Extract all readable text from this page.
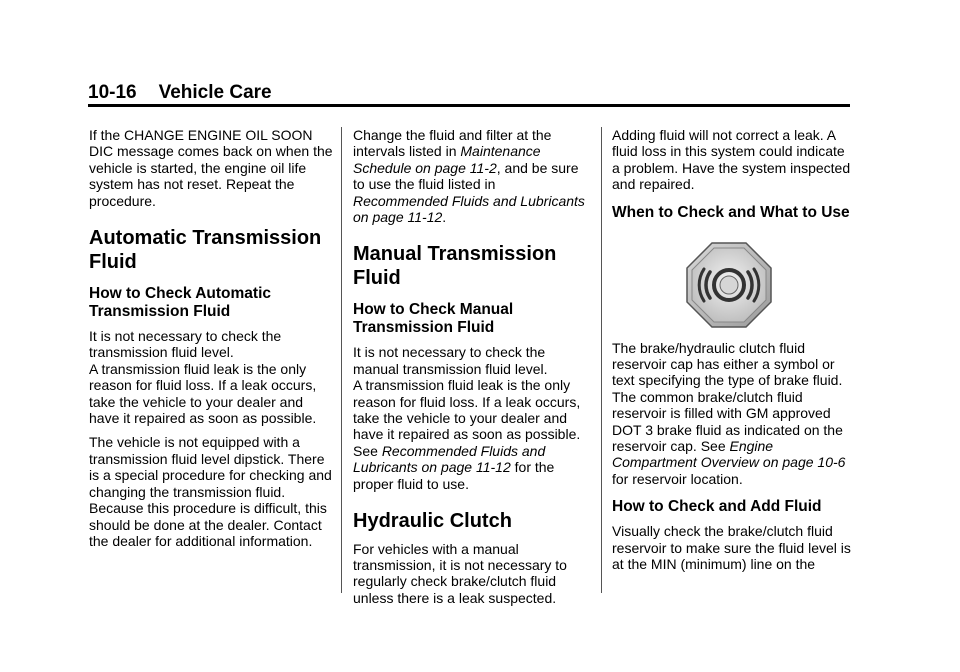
10-16 Vehicle Care

If the CHANGE ENGINE OIL SOON DIC message comes back on when the vehicle is started, the engine oil life system has not reset. Repeat the procedure.

Automatic Transmission Fluid
How to Check Automatic Transmission Fluid

It is not necessary to check the transmission fluid level.

A transmission fluid leak is the only reason for fluid loss. If a leak occurs, take the vehicle to your dealer and have it repaired as soon as possible.

The vehicle is not equipped with a transmission fluid level dipstick. There is a special procedure for checking and changing the transmission fluid. Because this procedure is difficult, this should be done at the dealer. Contact the dealer for additional information.

Change the fluid and filter at the intervals listed in Maintenance Schedule on page 11-2, and be sure to use the fluid listed in Recommended Fluids and Lubricants on page 11-12.

Manual Transmission Fluid
How to Check Manual Transmission Fluid

It is not necessary to check the manual transmission fluid level.

A transmission fluid leak is the only reason for fluid loss. If a leak occurs, take the vehicle to your dealer and have it repaired as soon as possible. See Recommended Fluids and Lubricants on page 11-12 for the proper fluid to use.

Hydraulic Clutch

For vehicles with a manual transmission, it is not necessary to regularly check brake/clutch fluid unless there is a leak suspected.

Adding fluid will not correct a leak. A fluid loss in this system could indicate a problem. Have the system inspected and repaired.

When to Check and What to Use

The brake/hydraulic clutch fluid reservoir cap has either a symbol or text specifying the type of brake fluid. The common brake/clutch fluid reservoir is filled with GM approved DOT 3 brake fluid as indicated on the reservoir cap. See Engine Compartment Overview on page 10-6 for reservoir location.

How to Check and Add Fluid

Visually check the brake/clutch fluid reservoir to make sure the fluid level is at the MIN (minimum) line on the
